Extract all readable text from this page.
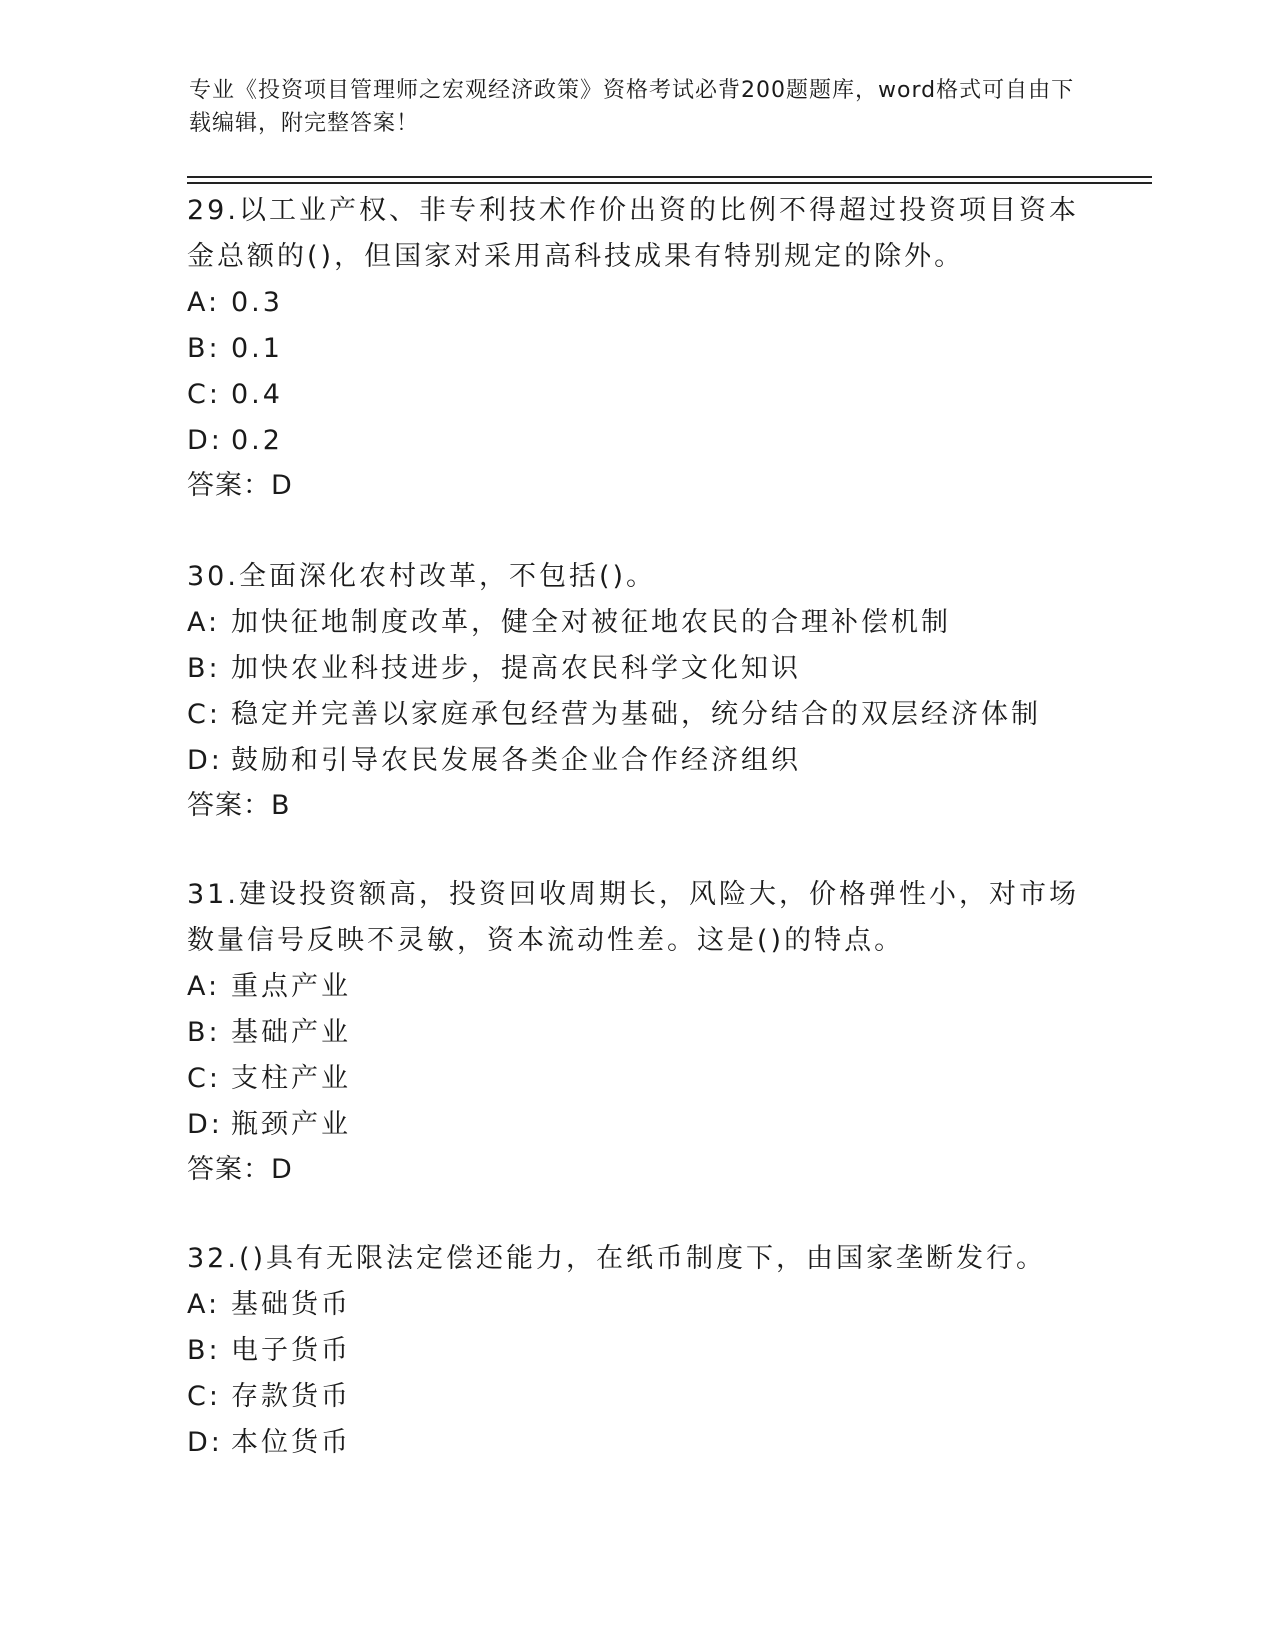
专业《投资项目管理师之宏观经济政策》资格考试必背200题题库，word格式可自由下载编辑，附完整答案！

29.以工业产权、非专利技术作价出资的比例不得超过投资项目资本金总额的()，但国家对采用高科技成果有特别规定的除外。

A: 0.3
B: 0.1
C: 0.4
D: 0.2
答案：D

30.全面深化农村改革，不包括()。

A: 加快征地制度改革，健全对被征地农民的合理补偿机制
B: 加快农业科技进步，提高农民科学文化知识
C: 稳定并完善以家庭承包经营为基础，统分结合的双层经济体制
D: 鼓励和引导农民发展各类企业合作经济组织
答案：B

31.建设投资额高，投资回收周期长，风险大，价格弹性小，对市场数量信号反映不灵敏，资本流动性差。这是()的特点。

A: 重点产业
B: 基础产业
C: 支柱产业
D: 瓶颈产业
答案：D

32.()具有无限法定偿还能力，在纸币制度下，由国家垄断发行。

A: 基础货币
B: 电子货币
C: 存款货币
D: 本位货币
